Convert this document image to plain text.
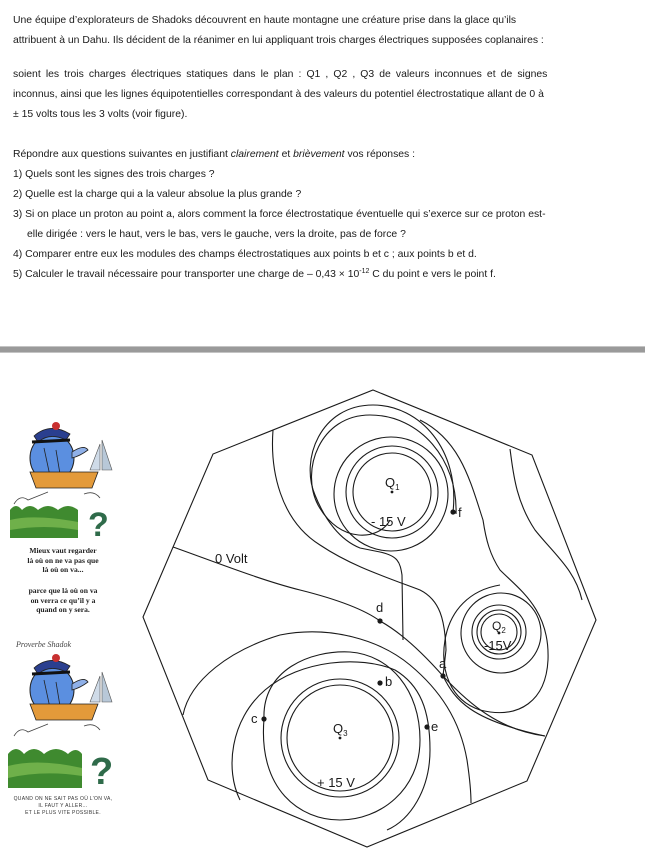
Une équipe d’explorateurs de Shadoks découvrent en haute montagne une créature prise dans la glace qu’ils

attribuent à un Dahu. Ils décident de la réanimer en lui appliquant trois charges électriques supposées coplanaires :

soient les trois charges électriques statiques dans le plan : Q1 , Q2 , Q3 de valeurs inconnues et de signes

inconnus, ainsi que les lignes équipotentielles correspondant à des valeurs du potentiel électrostatique allant de 0 à

± 15 volts tous les 3 volts (voir figure).

Répondre aux questions suivantes en justifiant clairement et brièvement vos réponses :

1) Quels sont les signes des trois charges ?

2) Quelle est la charge qui a la valeur absolue la plus grande ?

3) Si on place un proton au point a, alors comment la force électrostatique éventuelle qui s’exerce sur ce proton est-
elle dirigée : vers le haut, vers le bas, vers le gauche, vers la droite, pas de force ?

4) Comparer entre eux les modules des champs électrostatiques aux points b et c ; aux points b et d.

5) Calculer le travail nécessaire pour transporter une charge de – $0,43 \times 10^{-12}$ C du point e vers le point f.

?
Mieux vaut regarder
là où on ne va pas que
là où on va...
parce que là où on va
on verra ce qu’il y a
quand on y sera.
Proverbe Shadok
?
QUAND ON NE SAIT PAS OÙ L’ON VA,
IL FAUT Y ALLER...
ET LE PLUS VITE POSSIBLE.
$Q_1$
- 15 V
$Q_2$
-15V
$Q_3$
+ 15 V
0 Volt
a
b
c
d
e
f
